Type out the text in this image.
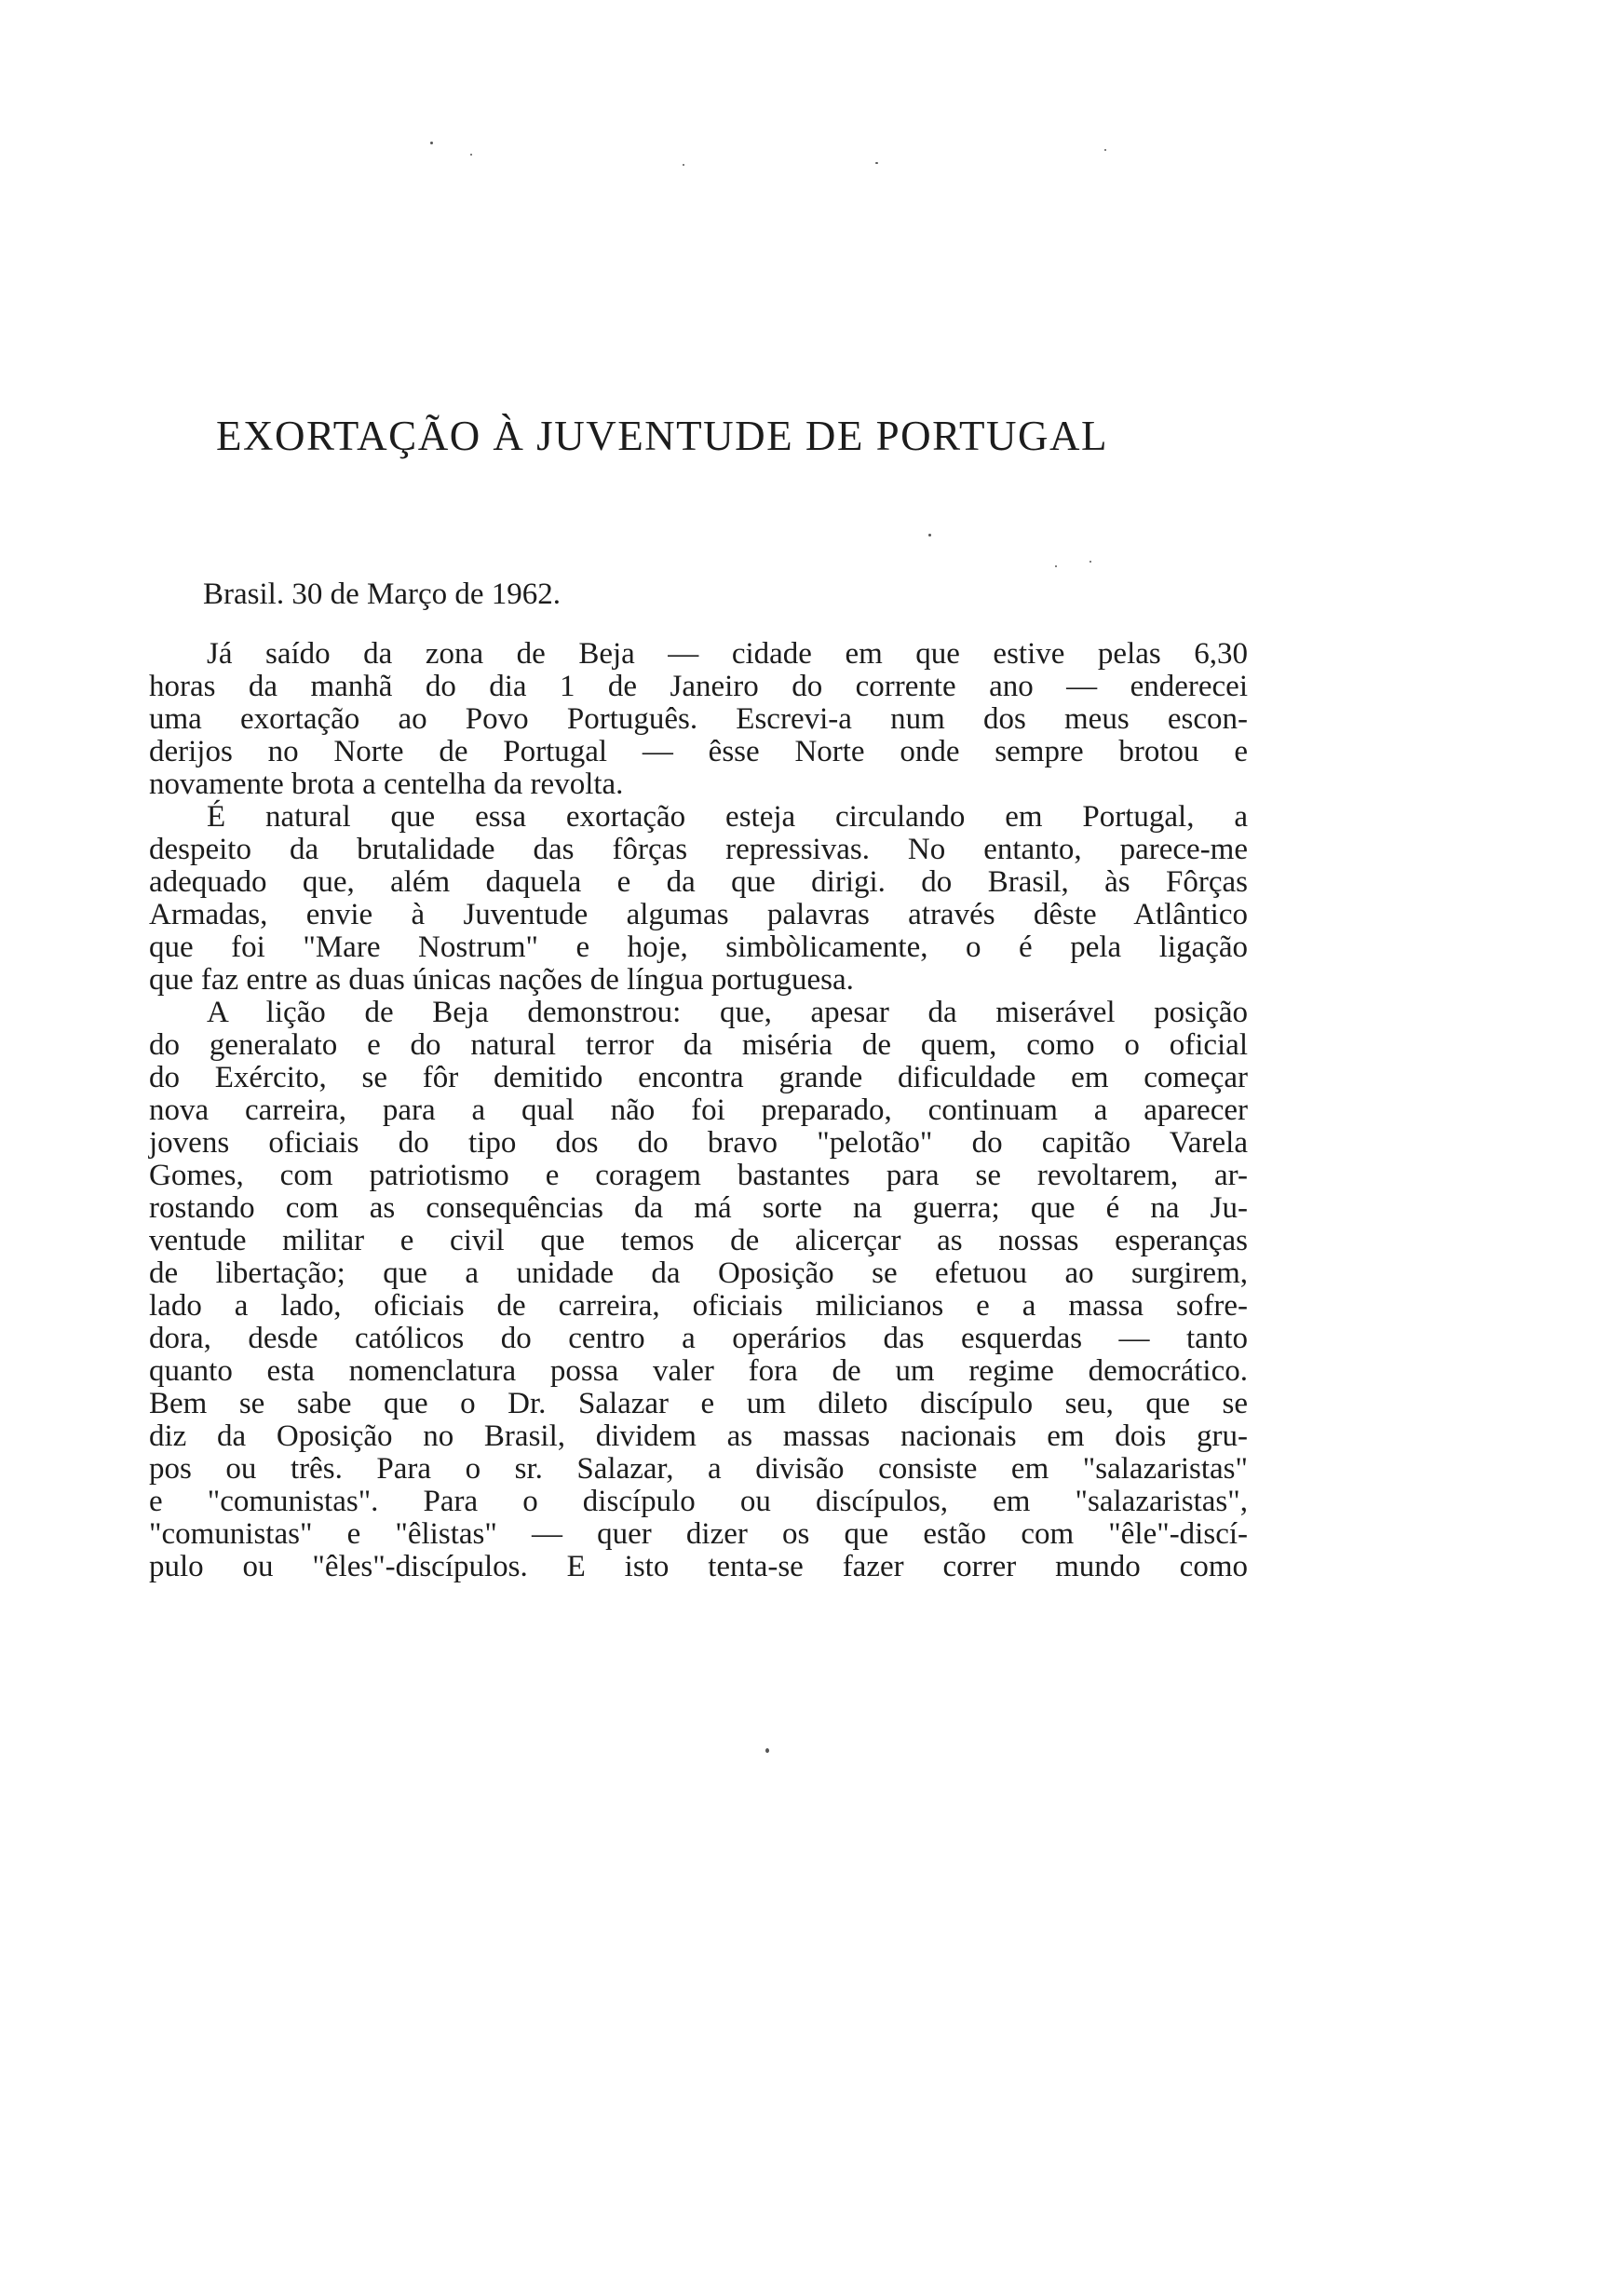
EXORTAÇÃO À JUVENTUDE DE PORTUGAL

Brasil. 30 de Março de 1962.

Já saído da zona de Beja — cidade em que estive pelas 6,30
horas da manhã do dia 1 de Janeiro do corrente ano — enderecei
uma exortação ao Povo Português. Escrevi-a num dos meus escon-
derijos no Norte de Portugal — êsse Norte onde sempre brotou e
novamente brota a centelha da revolta.
É natural que essa exortação esteja circulando em Portugal, a
despeito da brutalidade das fôrças repressivas. No entanto, parece-me
adequado que, além daquela e da que dirigi. do Brasil, às Fôrças
Armadas, envie à Juventude algumas palavras através dêste Atlântico
que foi "Mare Nostrum" e hoje, simbòlicamente, o é pela ligação
que faz entre as duas únicas nações de língua portuguesa.
A lição de Beja demonstrou: que, apesar da miserável posição
do generalato e do natural terror da miséria de quem, como o oficial
do Exército, se fôr demitido encontra grande dificuldade em começar
nova carreira, para a qual não foi preparado, continuam a aparecer
jovens oficiais do tipo dos do bravo "pelotão" do capitão Varela
Gomes, com patriotismo e coragem bastantes para se revoltarem, ar-
rostando com as consequências da má sorte na guerra; que é na Ju-
ventude militar e civil que temos de alicerçar as nossas esperanças
de libertação; que a unidade da Oposição se efetuou ao surgirem,
lado a lado, oficiais de carreira, oficiais milicianos e a massa sofre-
dora, desde católicos do centro a operários das esquerdas — tanto
quanto esta nomenclatura possa valer fora de um regime democrático.
Bem se sabe que o Dr. Salazar e um dileto discípulo seu, que se
diz da Oposição no Brasil, dividem as massas nacionais em dois gru-
pos ou três. Para o sr. Salazar, a divisão consiste em "salazaristas"
e "comunistas". Para o discípulo ou discípulos, em "salazaristas",
"comunistas" e "êlistas" — quer dizer os que estão com "êle"-discí-
pulo ou "êles"-discípulos. E isto tenta-se fazer correr mundo como
